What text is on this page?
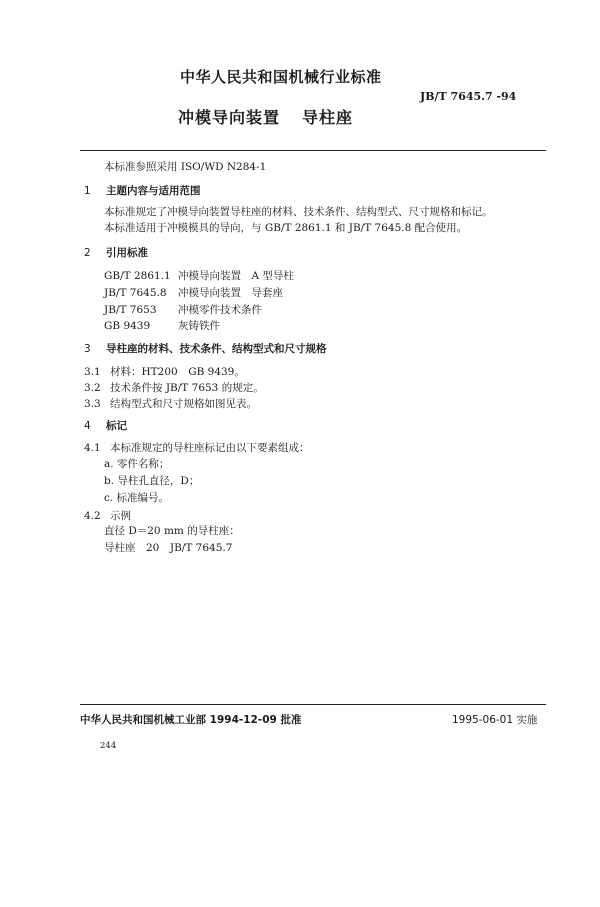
中华人民共和国机械行业标准
JB/T 7645.7 -94
冲模导向装置 导柱座
本标准参照采用 ISO/WD N284-1
1 主题内容与适用范围
本标准规定了冲模导向装置导柱座的材料、技术条件、结构型式、尺寸规格和标记。
本标准适用于冲模模具的导向，与 GB/T 2861.1 和 JB/T 7645.8 配合使用。
2 引用标准
GB/T 2861.1 冲模导向装置　A 型导柱
JB/T 7645.8 冲模导向装置　导套座
JB/T 7653 冲模零件技术条件
GB 9439	灰铸铁件
3 导柱座的材料、技术条件、结构型式和尺寸规格
3.1 材料：HT200　GB 9439。
3.2 技术条件按 JB/T 7653 的规定。
3.3 结构型式和尺寸规格如图见表。
4 标记
4.1 本标准规定的导柱座标记由以下要素组成：
a. 零件名称；
b. 导柱孔直径，D；
c. 标准编号。
4.2 示例
直径 D＝20 mm 的导柱座：
导柱座　20　JB/T 7645.7
中华人民共和国机械工业部 1994-12-09 批准	1995-06-01 实施
244
